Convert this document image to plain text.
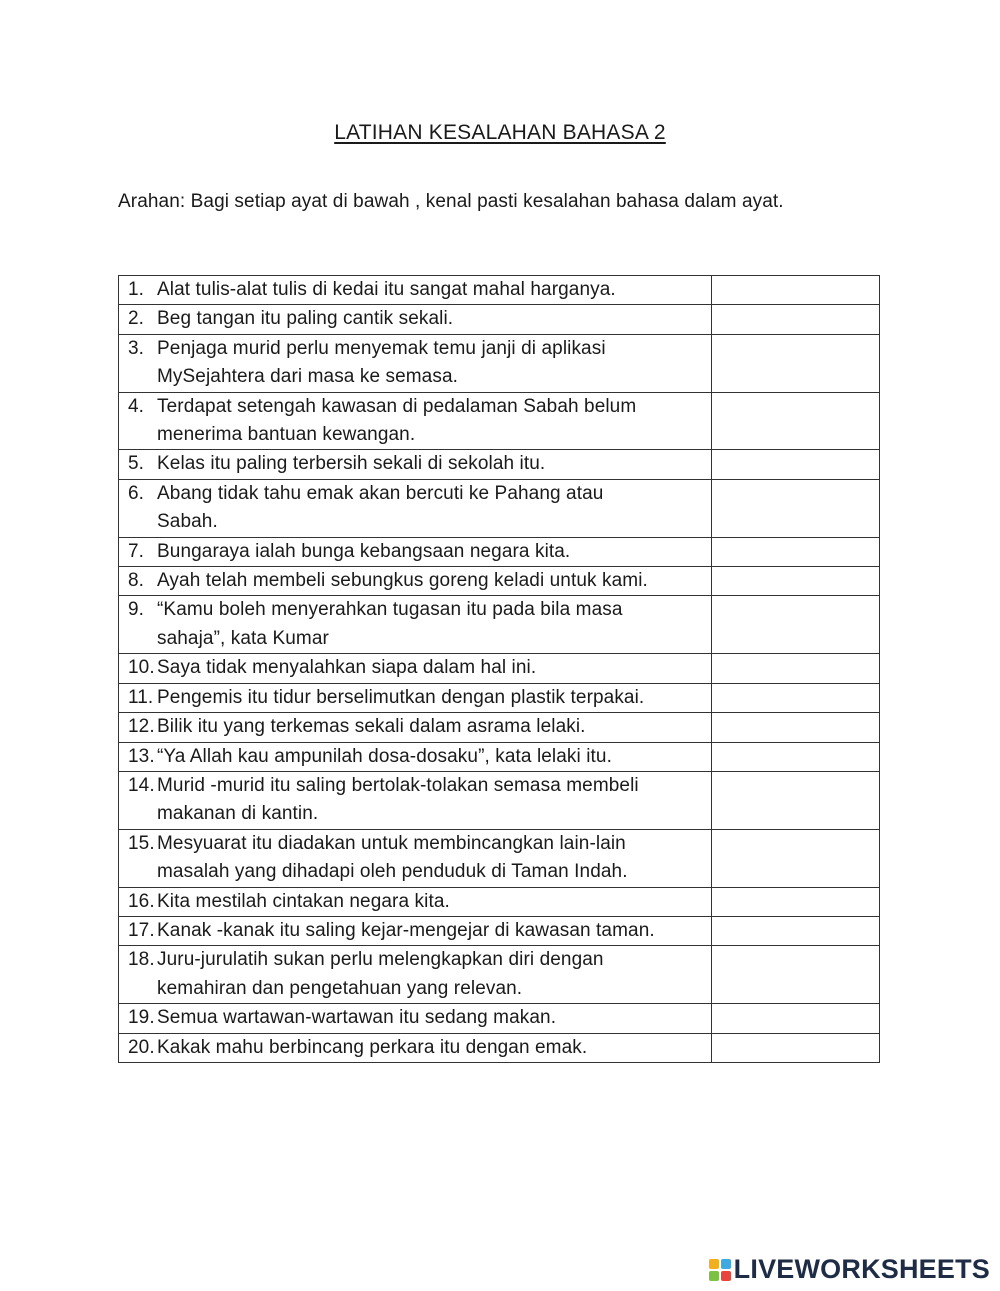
LATIHAN KESALAHAN BAHASA 2
Arahan: Bagi setiap ayat di bawah , kenal pasti kesalahan bahasa dalam ayat.
1. Alat tulis-alat tulis di kedai itu sangat mahal harganya.	

2. Beg tangan itu paling cantik sekali.	

3. Penjaga murid perlu menyemak temu janji di aplikasi
MySejahtera dari masa ke semasa.	

4. Terdapat setengah kawasan di pedalaman Sabah belum
menerima bantuan kewangan.	

5. Kelas itu paling terbersih sekali di sekolah itu.	

6. Abang tidak tahu emak akan bercuti ke Pahang atau
Sabah.	

7. Bungaraya ialah bunga kebangsaan negara kita.	

8. Ayah telah membeli sebungkus goreng keladi untuk kami.	

9. “Kamu boleh menyerahkan tugasan itu pada bila masa
sahaja”, kata Kumar	

10. Saya tidak menyalahkan siapa dalam hal ini.	

11. Pengemis itu tidur berselimutkan dengan plastik terpakai.	

12. Bilik itu yang terkemas sekali dalam asrama lelaki.	

13. “Ya Allah kau ampunilah dosa-dosaku”, kata lelaki itu.	

14. Murid -murid itu saling bertolak-tolakan semasa membeli
makanan di kantin.	

15. Mesyuarat itu diadakan untuk membincangkan lain-lain
masalah yang dihadapi oleh penduduk di Taman Indah.	

16. Kita mestilah cintakan negara kita.	

17. Kanak -kanak itu saling kejar-mengejar di kawasan taman.	

18. Juru-jurulatih sukan perlu melengkapkan diri dengan
kemahiran dan pengetahuan yang relevan.	

19. Semua wartawan-wartawan itu sedang makan.	

20. Kakak mahu berbincang perkara itu dengan emak.	

LIVEWORKSHEETS
